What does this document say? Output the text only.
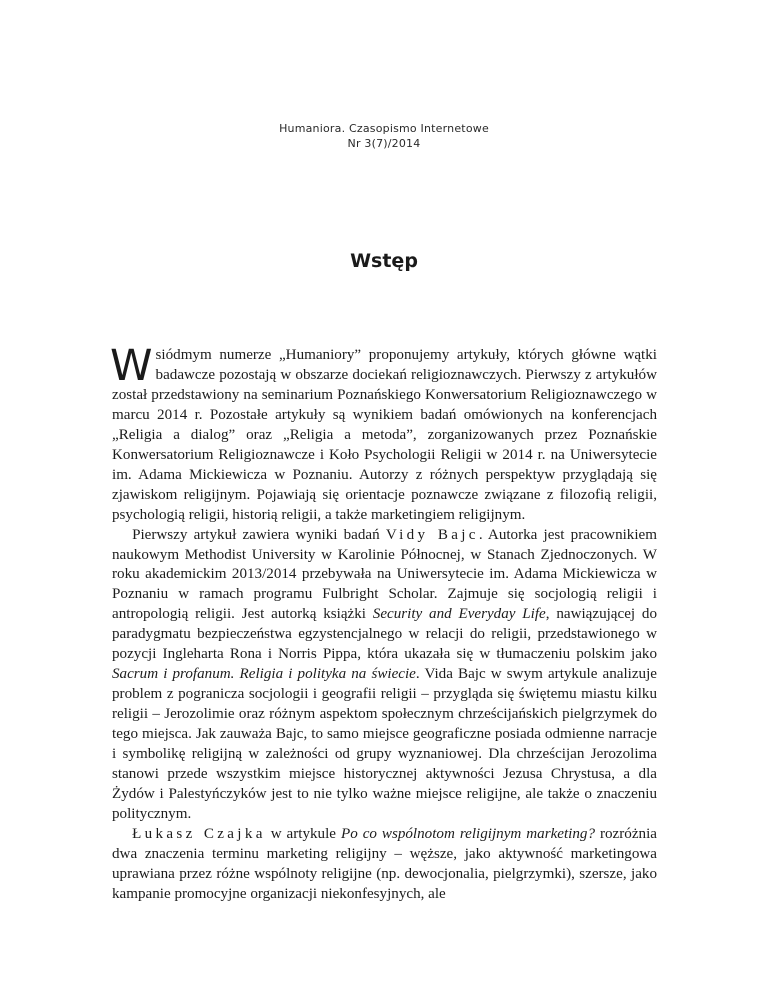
Humaniora. Czasopismo Internetowe
Nr 3(7)/2014
Wstęp

Wsiódmym numerze „Humaniory” proponujemy artykuły, których główne wątki badawcze pozostają w obszarze dociekań religioznawczych. Pierwszy z artykułów został przedstawiony na seminarium Poznańskiego Konwersatorium Religioznawczego w marcu 2014 r. Pozostałe artykuły są wynikiem badań omówionych na konferencjach „Religia a dialog” oraz „Religia a metoda”, zorganizowanych przez Poznańskie Konwersatorium Religioznawcze i Koło Psychologii Religii w 2014 r. na Uniwersytecie im. Adama Mickiewicza w Poznaniu. Autorzy z różnych perspektyw przyglądają się zjawiskom religijnym. Pojawiają się orientacje poznawcze związane z filozofią religii, psychologią religii, historią religii, a także marketingiem religijnym.

Pierwszy artykuł zawiera wyniki badań Vidy Bajc. Autorka jest pracownikiem naukowym Methodist University w Karolinie Północnej, w Stanach Zjednoczonych. W roku akademickim 2013/2014 przebywała na Uniwersytecie im. Adama Mickiewicza w Poznaniu w ramach programu Fulbright Scholar. Zajmuje się socjologią religii i antropologią religii. Jest autorką książki Security and Everyday Life, nawiązującej do paradygmatu bezpieczeństwa egzystencjalnego w relacji do religii, przedstawionego w pozycji Ingleharta Rona i Norris Pippa, która ukazała się w tłumaczeniu polskim jako Sacrum i profanum. Religia i polityka na świecie. Vida Bajc w swym artykule analizuje problem z pogranicza socjologii i geografii religii – przygląda się świętemu miastu kilku religii – Jerozolimie oraz różnym aspektom społecznym chrześcijańskich pielgrzymek do tego miejsca. Jak zauważa Bajc, to samo miejsce geograficzne posiada odmienne narracje i symbolikę religijną w zależności od grupy wyznaniowej. Dla chrześcijan Jerozolima stanowi przede wszystkim miejsce historycznej aktywności Jezusa Chrystusa, a dla Żydów i Palestyńczyków jest to nie tylko ważne miejsce religijne, ale także o znaczeniu politycznym.

Łukasz Czajka w artykule Po co wspólnotom religijnym marketing? rozróżnia dwa znaczenia terminu marketing religijny – węższe, jako aktywność marketingowa uprawiana przez różne wspólnoty religijne (np. dewocjonalia, pielgrzymki), szersze, jako kampanie promocyjne organizacji niekonfesyjnych, ale
